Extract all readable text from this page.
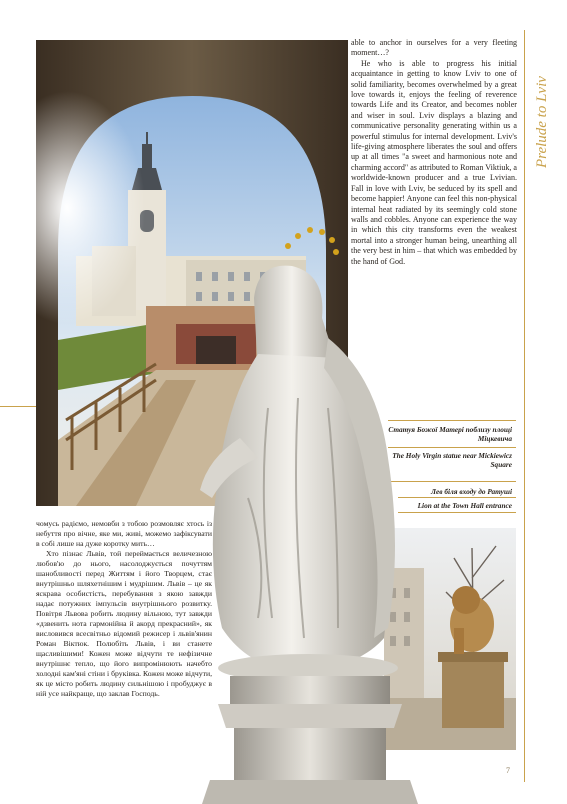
Prelude to Lviv

able to anchor in ourselves for a very fleeting moment…?

He who is able to progress his initial acquaintance in getting to know Lviv to one of solid familiarity, becomes overwhelmed by a great love towards it, enjoys the feeling of reverence towards Life and its Creator, and becomes nobler and wiser in soul. Lviv displays a blazing and communicative personality generating within us a powerful stimulus for internal development. Lviv's life-giving atmosphere liberates the soul and offers up at all times "a sweet and harmonious note and charming accord" as attributed to Roman Viktiuk, a worldwide-known producer and a true Lvivian. Fall in love with Lviv, be seduced by its spell and become happier! Anyone can feel this non-physical internal heat radiated by its seemingly cold stone walls and cobbles. Anyone can experience the way in which this city transforms even the weakest mortal into a stronger human being, unearthing all the very best in him – that which was embedded by the hand of God.

Статуя Божої Матері поблизу площі Міцкевича
The Holy Virgin statue near Mickiewicz Square
Лев біля входу до Ратуші
Lion at the Town Hall entrance

чомусь радіємо, немовби з тобою розмовляє хтось із небуття про вічне, яке ми, живі, можемо зафіксувати в собі лише на дуже коротку мить…

Хто пізнає Львів, той переймається величезною любов'ю до нього, насолоджується почуттям шанобливості перед Життям і його Творцем, стає внутрішньо шляхетнішим і мудрішим. Львів – це як яскрава особистість, перебування з якою завжди надає потужних імпульсів внутрішнього розвитку. Повітря Львова робить людину вільною, тут завжди «дзвенить нота гармонійна й акорд прекрасний», як висловився всесвітньо відомий режисер і львів'янин Роман Віктюк. Полюбіть Львів, і ви станете щасливішими! Кожен може відчути те нефізичне внутрішнє тепло, що його випромінюють начебто холодні кам'яні стіни і бруківка. Кожен може відчути, як це місто робить людину сильнішою і пробуджує в ній усе найкраще, що заклав Господь.

7
